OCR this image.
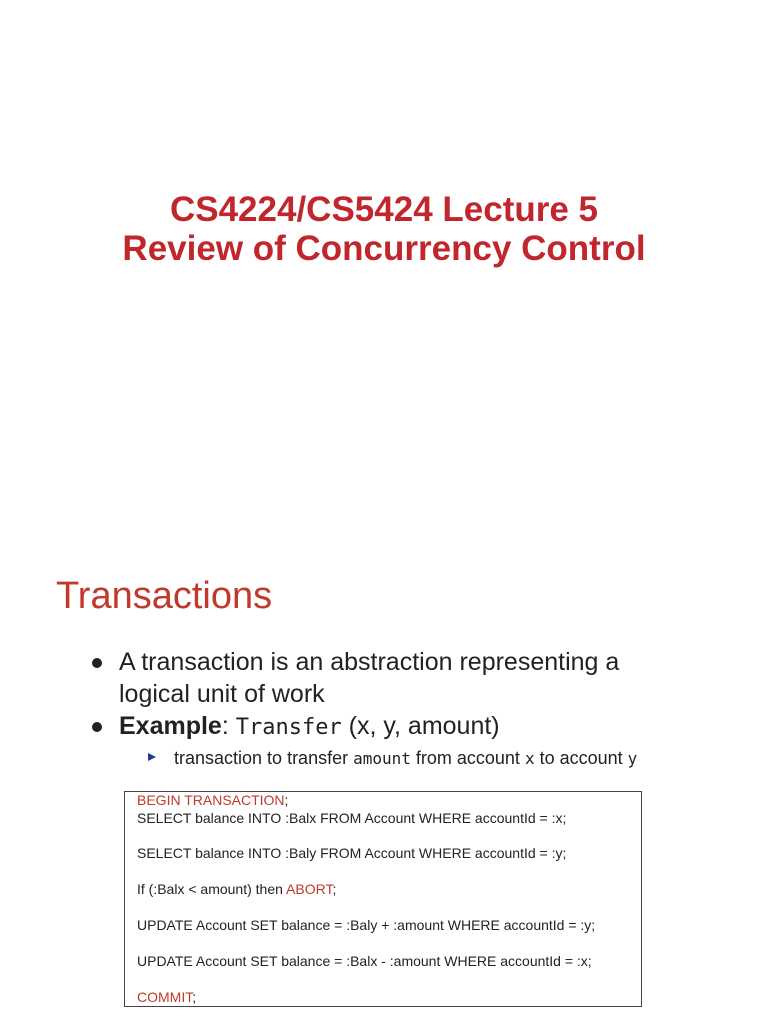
CS4224/CS5424 Lecture 5
Review of Concurrency Control
Transactions
A transaction is an abstraction representing a logical unit of work
Example: Transfer (x, y, amount)
transaction to transfer amount from account x to account y
BEGIN TRANSACTION;
SELECT balance INTO :Balx FROM Account WHERE accountId = :x;
SELECT balance INTO :Baly FROM Account WHERE accountId = :y;
If (:Balx < amount) then ABORT;
UPDATE Account SET balance = :Baly + :amount WHERE accountId = :y;
UPDATE Account SET balance = :Balx - :amount WHERE accountId = :x;
COMMIT;
